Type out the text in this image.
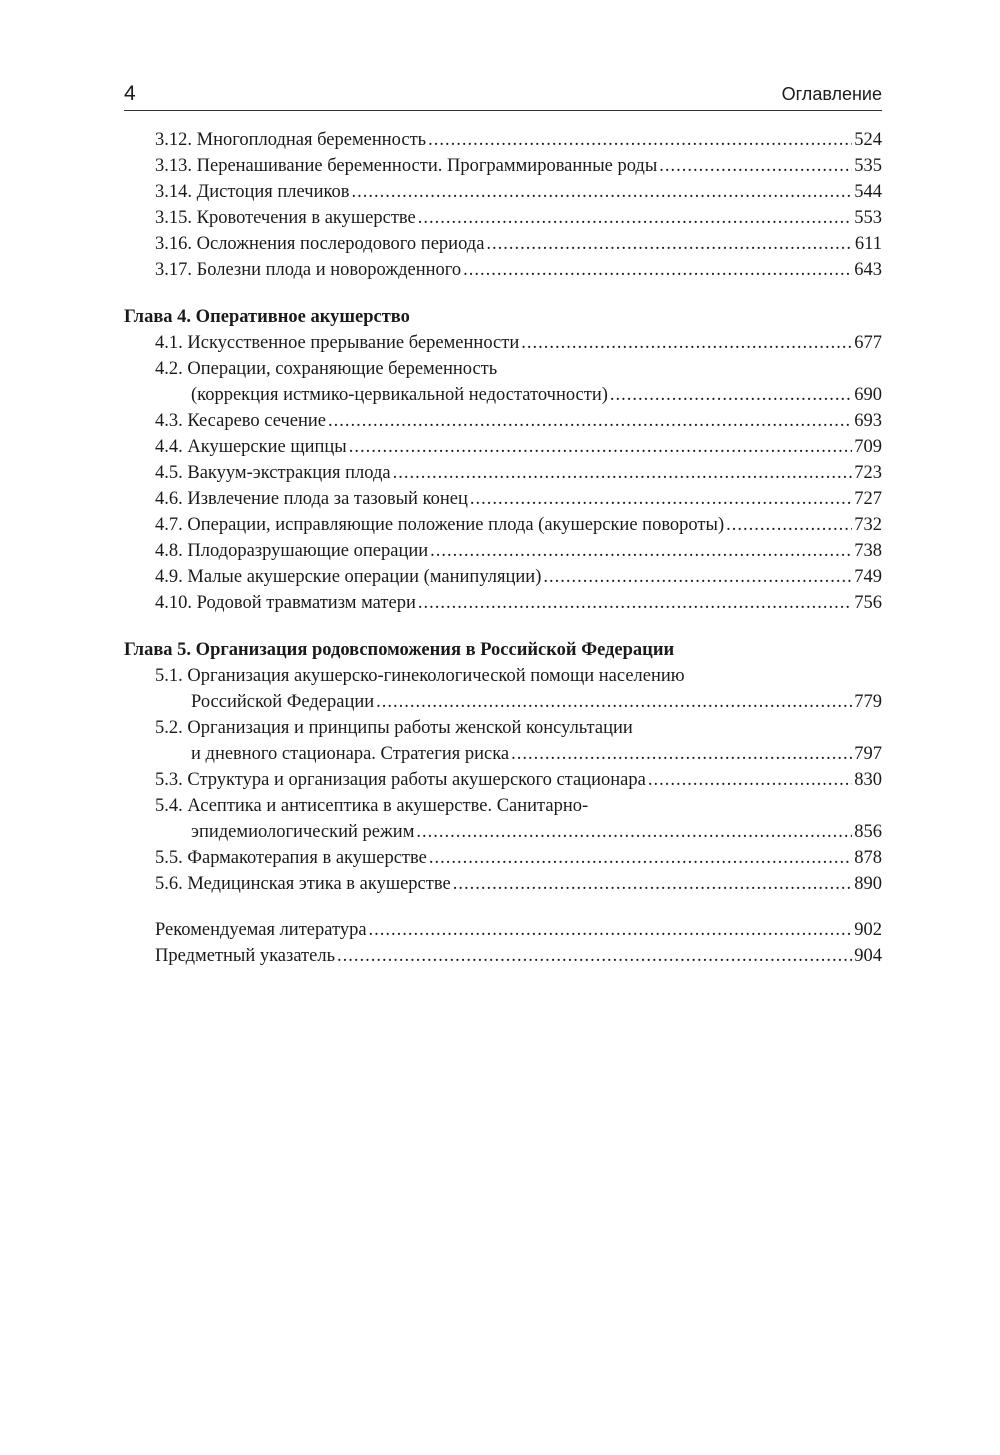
4	Оглавление
3.12. Многоплодная беременность .....	524
3.13. Перенашивание беременности. Программированные роды .....	535
3.14. Дистоция плечиков .....	544
3.15. Кровотечения в акушерстве .....	553
3.16. Осложнения послеродового периода .....	611
3.17. Болезни плода и новорожденного .....	643
Глава 4. Оперативное акушерство
4.1. Искусственное прерывание беременности .....	677
4.2. Операции, сохраняющие беременность
(коррекция истмико-цервикальной недостаточности) .....	690
4.3. Кесарево сечение .....	693
4.4. Акушерские щипцы .....	709
4.5. Вакуум-экстракция плода .....	723
4.6. Извлечение плода за тазовый конец .....	727
4.7. Операции, исправляющие положение плода (акушерские повороты) .....	732
4.8. Плодоразрушающие операции .....	738
4.9. Малые акушерские операции (манипуляции) .....	749
4.10. Родовой травматизм матери .....	756
Глава 5. Организация родовспоможения в Российской Федерации
5.1. Организация акушерско-гинекологической помощи населению
Российской Федерации .....	779
5.2. Организация и принципы работы женской консультации
и дневного стационара. Стратегия риска .....	797
5.3. Структура и организация работы акушерского стационара .....	830
5.4. Асептика и антисептика в акушерстве. Санитарно-
эпидемиологический режим .....	856
5.5. Фармакотерапия в акушерстве .....	878
5.6. Медицинская этика в акушерстве .....	890
Рекомендуемая литература .....	902
Предметный указатель .....	904
